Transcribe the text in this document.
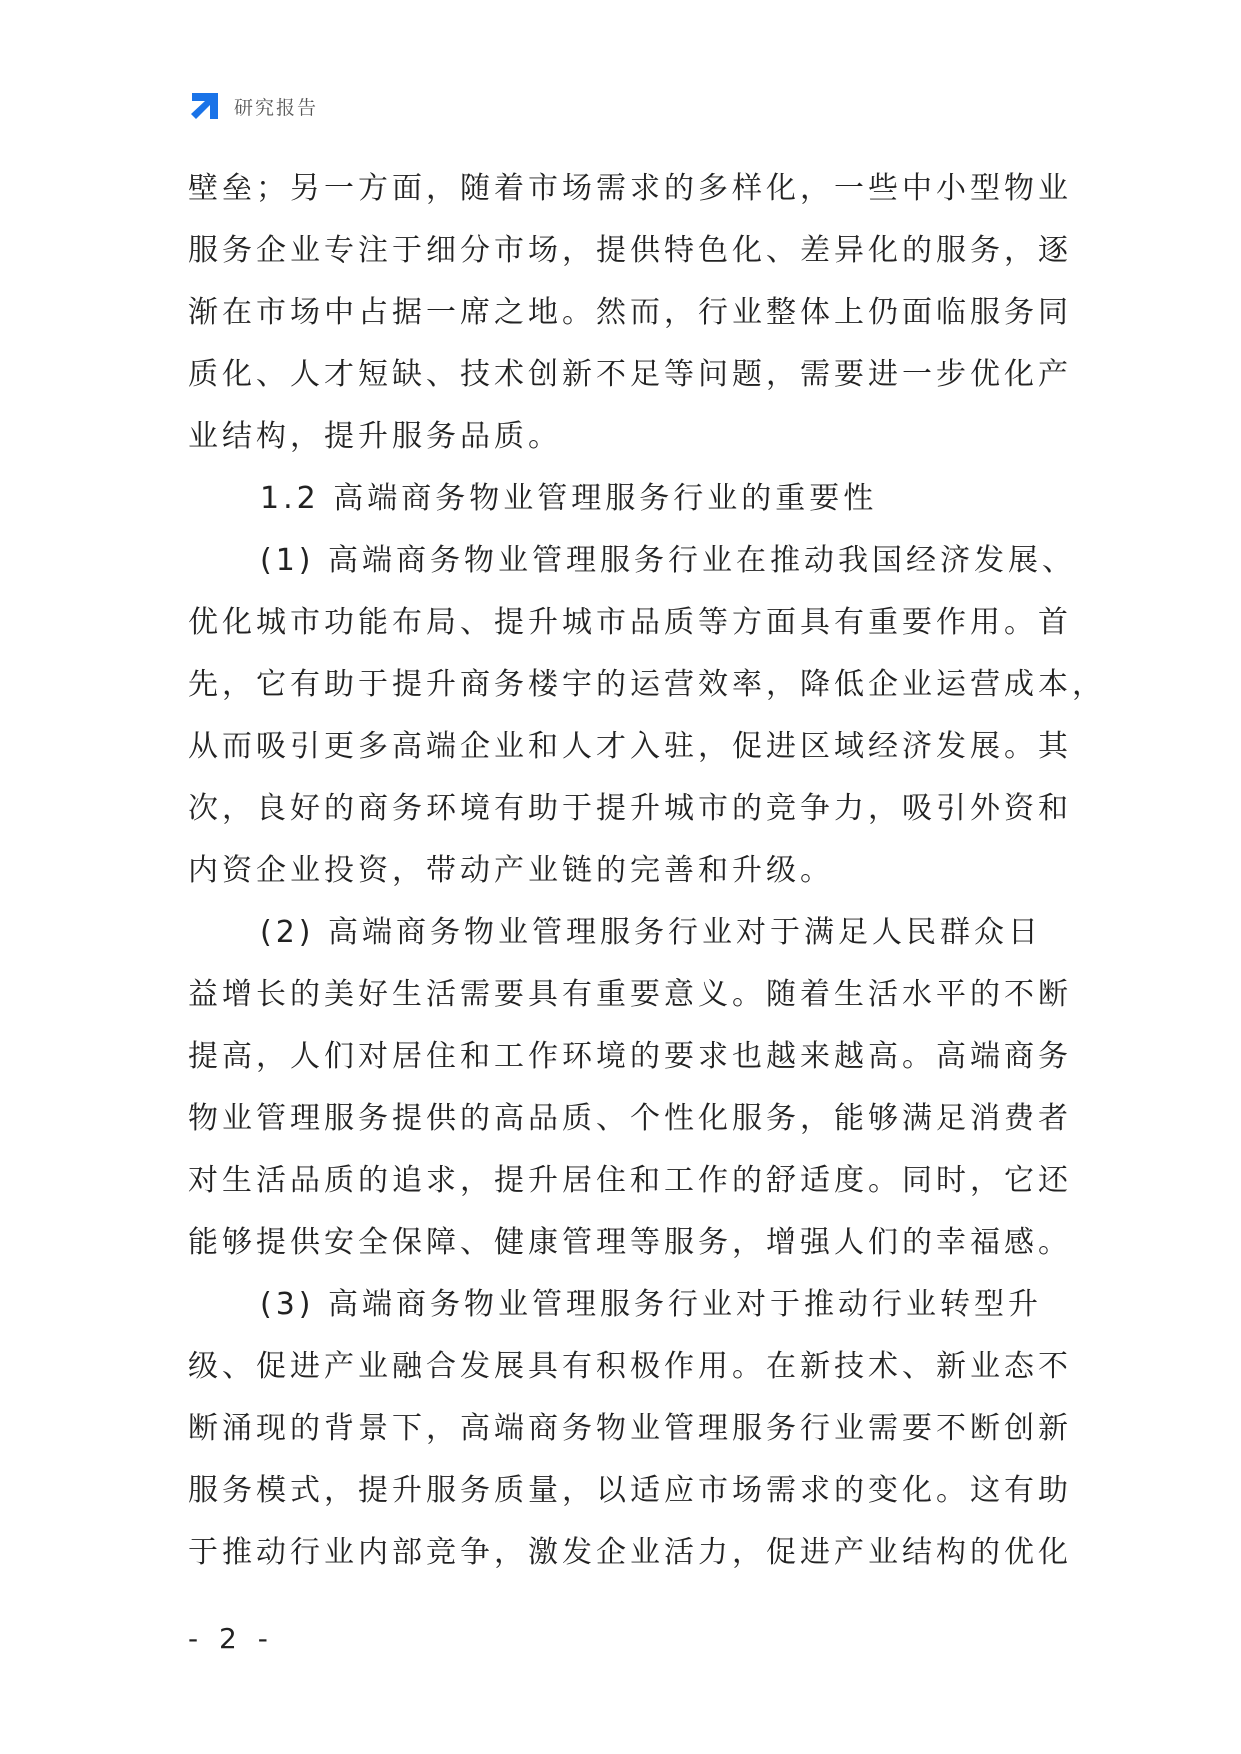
研究报告
壁垒；另一方面，随着市场需求的多样化，一些中小型物业
服务企业专注于细分市场，提供特色化、差异化的服务，逐
渐在市场中占据一席之地。然而，行业整体上仍面临服务同
质化、人才短缺、技术创新不足等问题，需要进一步优化产
业结构，提升服务品质。
1.2 高端商务物业管理服务行业的重要性
(1) 高端商务物业管理服务行业在推动我国经济发展、
优化城市功能布局、提升城市品质等方面具有重要作用。首
先，它有助于提升商务楼宇的运营效率，降低企业运营成本，
从而吸引更多高端企业和人才入驻，促进区域经济发展。其
次，良好的商务环境有助于提升城市的竞争力，吸引外资和
内资企业投资，带动产业链的完善和升级。
(2) 高端商务物业管理服务行业对于满足人民群众日
益增长的美好生活需要具有重要意义。随着生活水平的不断
提高，人们对居住和工作环境的要求也越来越高。高端商务
物业管理服务提供的高品质、个性化服务，能够满足消费者
对生活品质的追求，提升居住和工作的舒适度。同时，它还
能够提供安全保障、健康管理等服务，增强人们的幸福感。
(3) 高端商务物业管理服务行业对于推动行业转型升
级、促进产业融合发展具有积极作用。在新技术、新业态不
断涌现的背景下，高端商务物业管理服务行业需要不断创新
服务模式，提升服务质量，以适应市场需求的变化。这有助
于推动行业内部竞争，激发企业活力，促进产业结构的优化
- 2 -
